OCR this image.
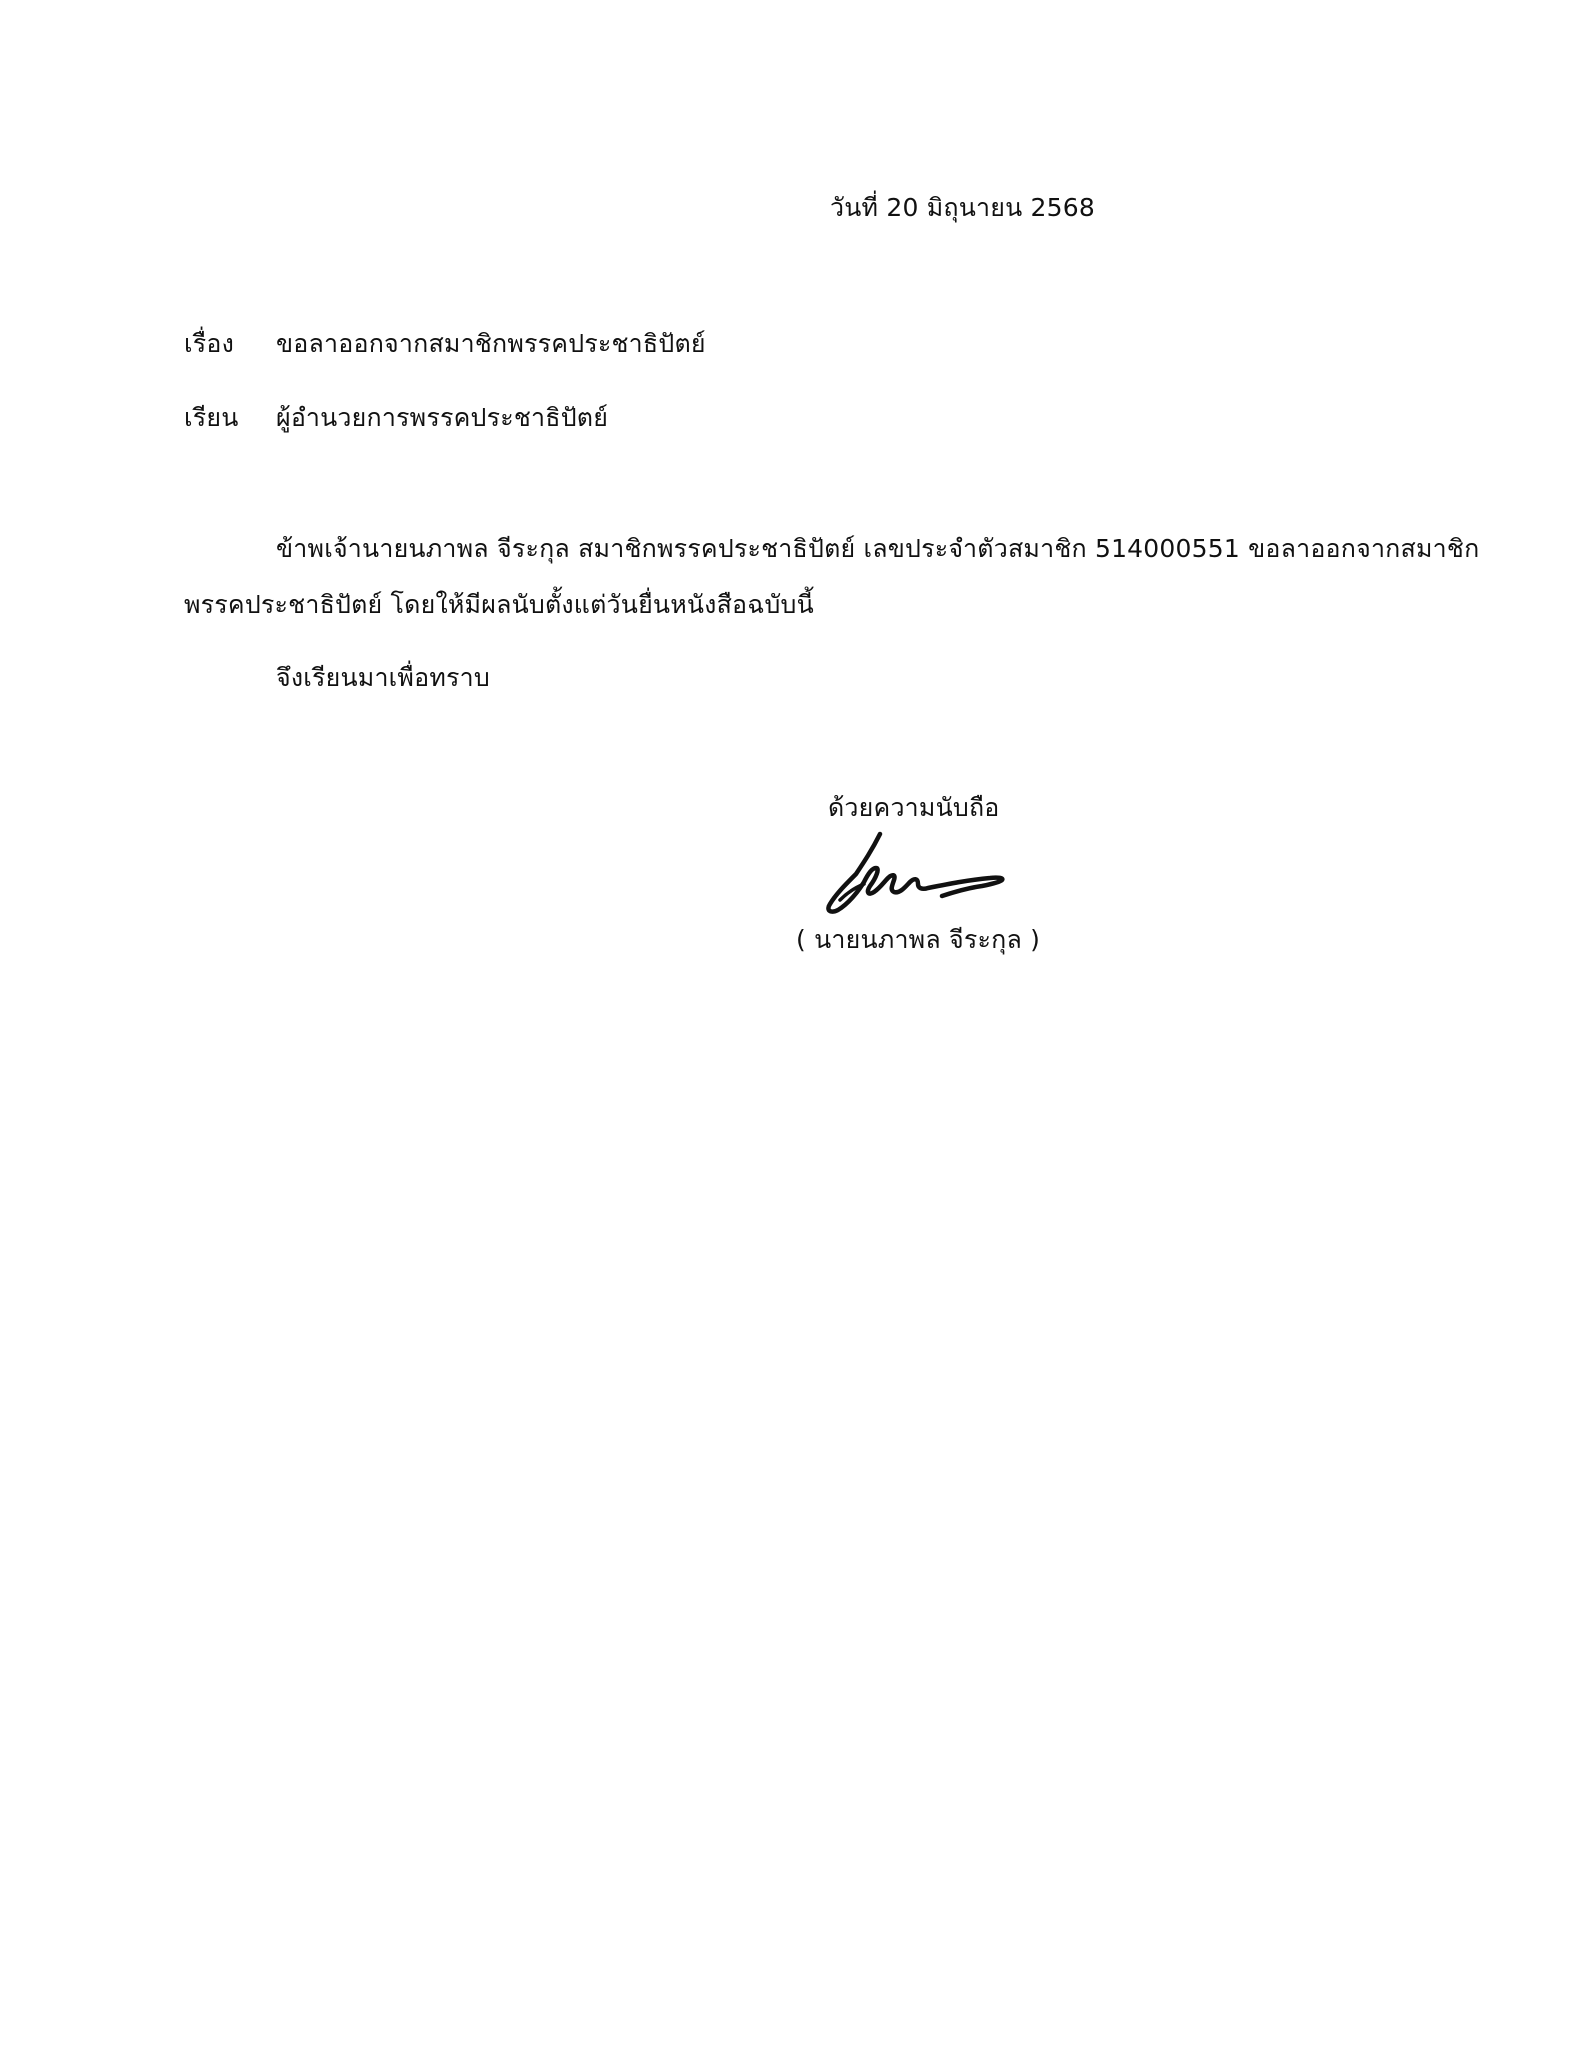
วันที่ 20 มิถุนายน 2568
เรื่อง ขอลาออกจากสมาชิกพรรคประชาธิปัตย์
เรียน ผู้อำนวยการพรรคประชาธิปัตย์
ข้าพเจ้านายนภาพล จีระกุล สมาชิกพรรคประชาธิปัตย์ เลขประจำตัวสมาชิก 514000551 ขอลาออกจากสมาชิก
พรรคประชาธิปัตย์ โดยให้มีผลนับตั้งแต่วันยื่นหนังสือฉบับนี้
จึงเรียนมาเพื่อทราบ
ด้วยความนับถือ
( นายนภาพล จีระกุล )
